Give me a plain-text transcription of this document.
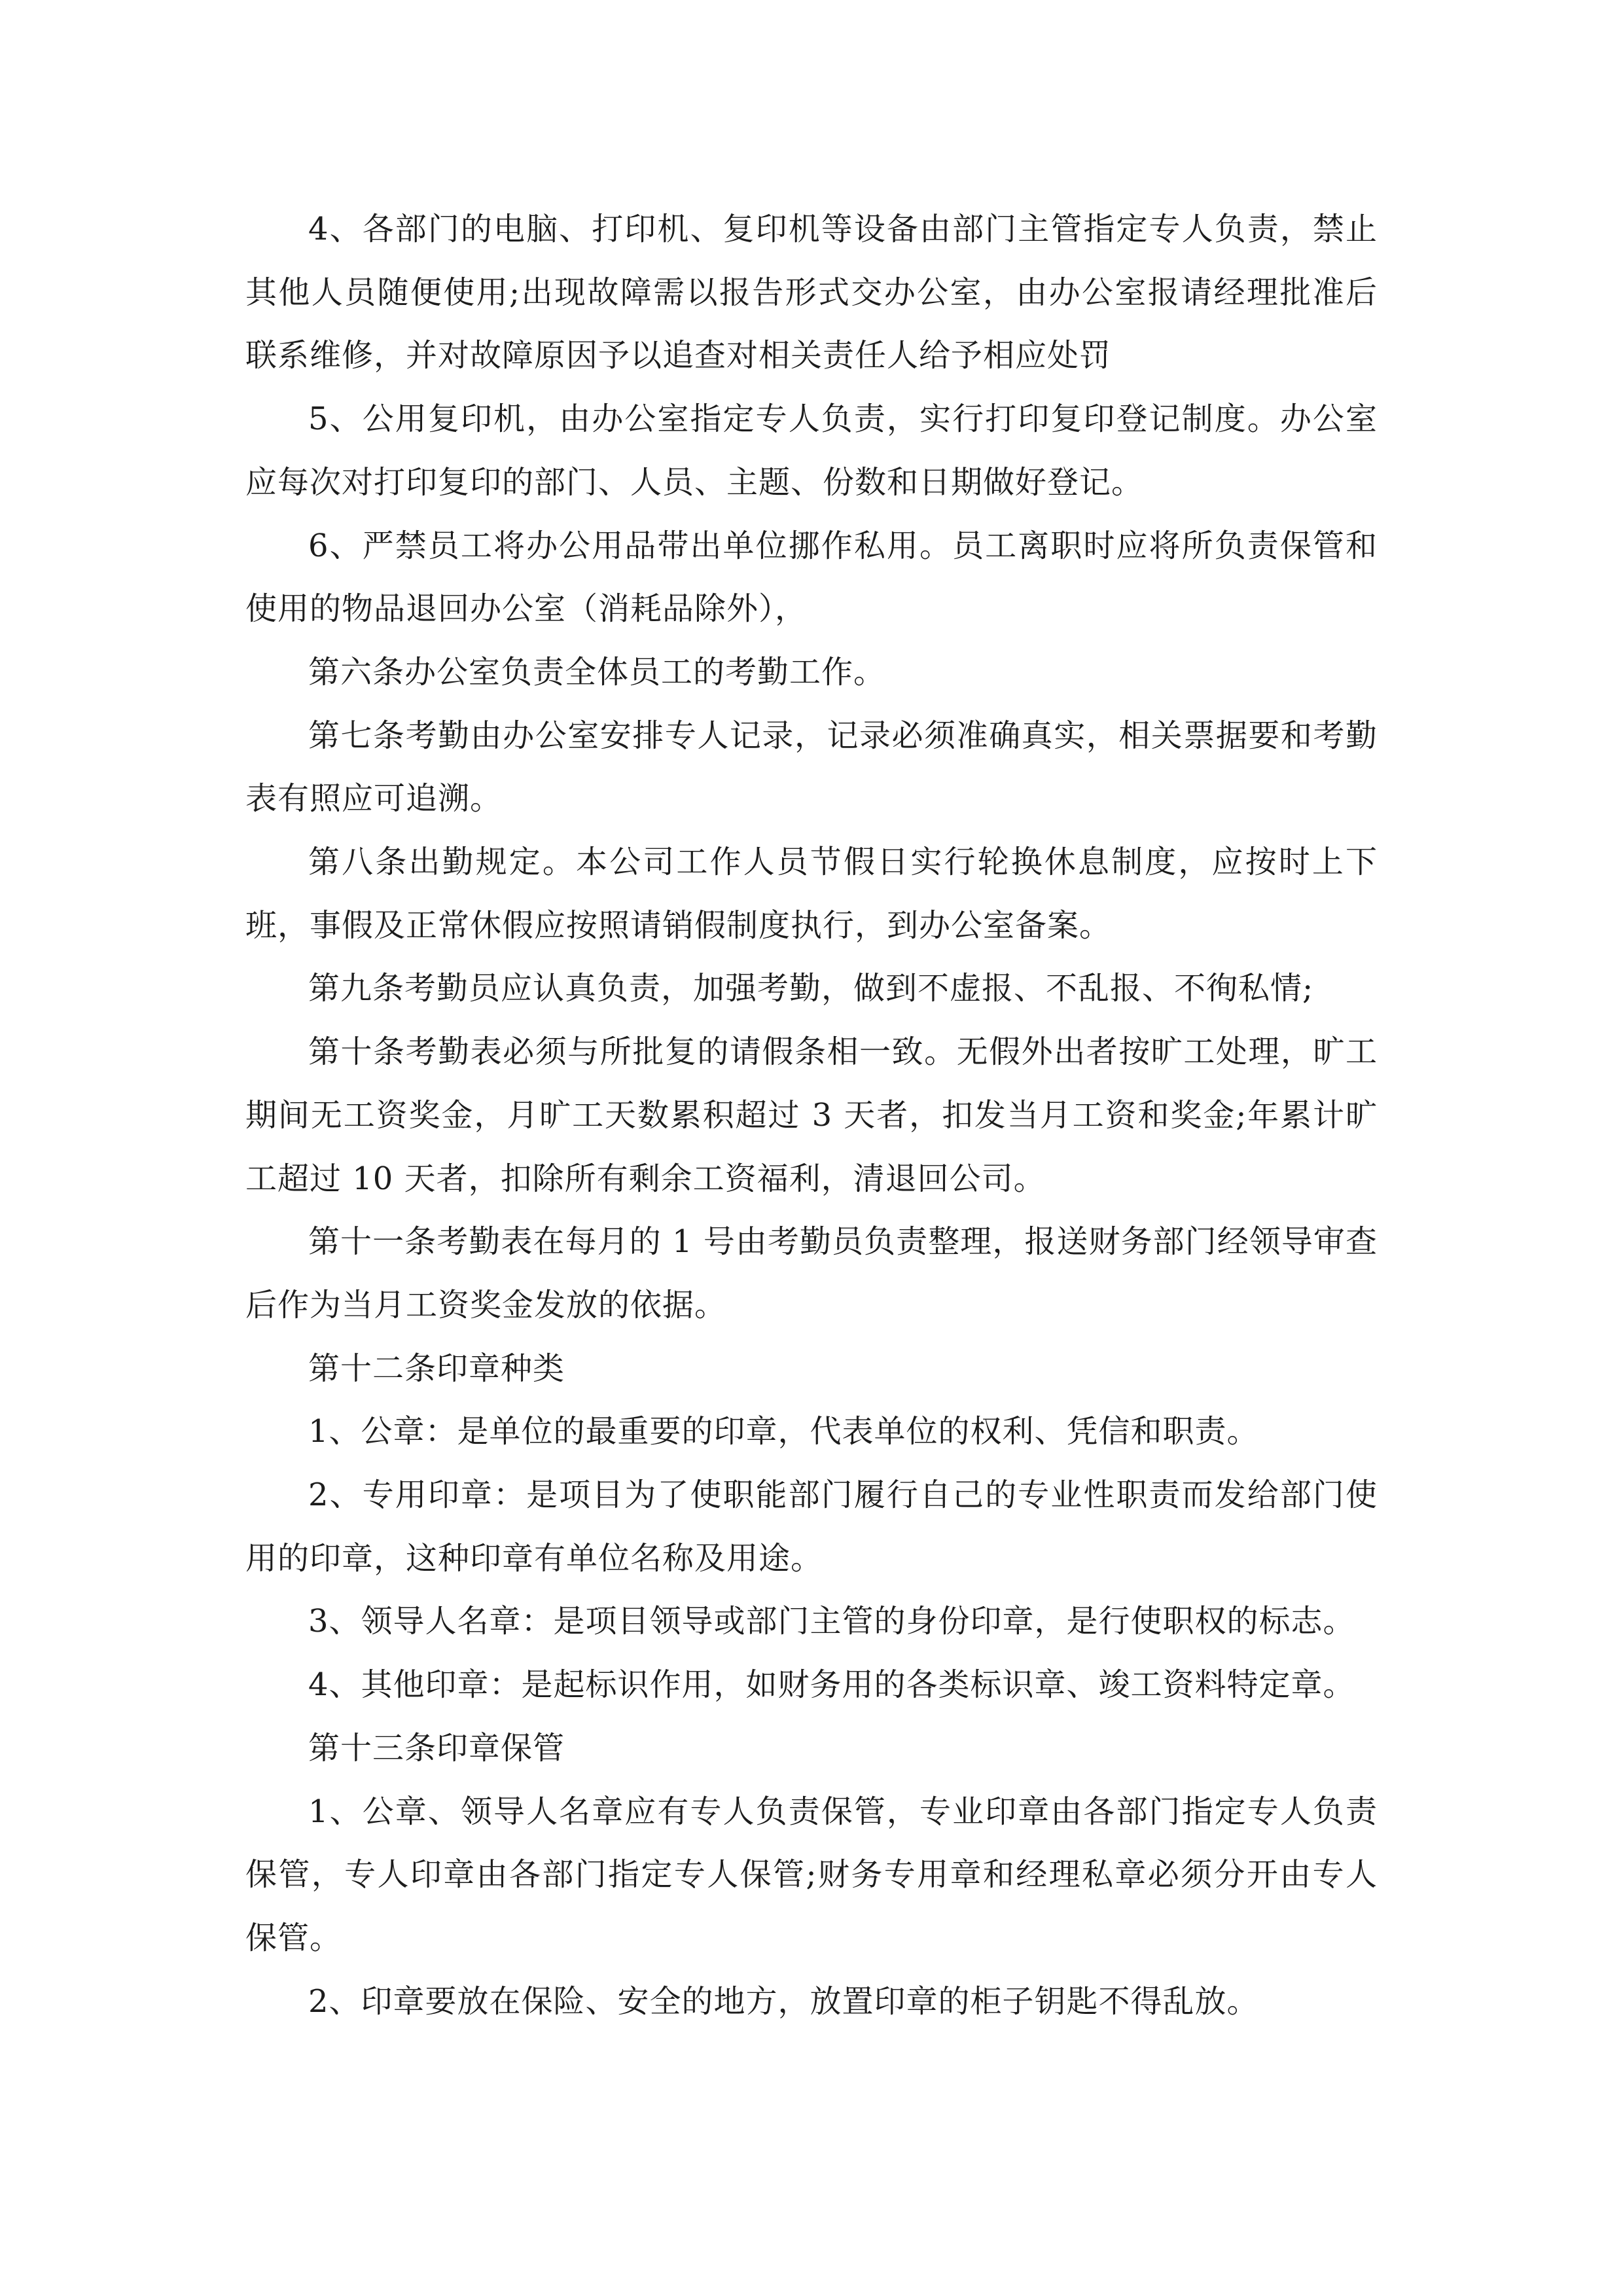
4、各部门的电脑、打印机、复印机等设备由部门主管指定专人负责，禁止其他人员随便使用;出现故障需以报告形式交办公室，由办公室报请经理批准后联系维修，并对故障原因予以追查对相关责任人给予相应处罚

5、公用复印机，由办公室指定专人负责，实行打印复印登记制度。办公室应每次对打印复印的部门、人员、主题、份数和日期做好登记。

6、严禁员工将办公用品带出单位挪作私用。员工离职时应将所负责保管和使用的物品退回办公室（消耗品除外），

第六条办公室负责全体员工的考勤工作。

第七条考勤由办公室安排专人记录，记录必须准确真实，相关票据要和考勤表有照应可追溯。

第八条出勤规定。本公司工作人员节假日实行轮换休息制度，应按时上下班，事假及正常休假应按照请销假制度执行，到办公室备案。

第九条考勤员应认真负责，加强考勤，做到不虚报、不乱报、不徇私情;

第十条考勤表必须与所批复的请假条相一致。无假外出者按旷工处理，旷工期间无工资奖金，月旷工天数累积超过 3 天者，扣发当月工资和奖金;年累计旷工超过 10 天者，扣除所有剩余工资福利，清退回公司。

第十一条考勤表在每月的 1 号由考勤员负责整理，报送财务部门经领导审查后作为当月工资奖金发放的依据。

第十二条印章种类

1、公章：是单位的最重要的印章，代表单位的权利、凭信和职责。

2、专用印章：是项目为了使职能部门履行自己的专业性职责而发给部门使用的印章，这种印章有单位名称及用途。

3、领导人名章：是项目领导或部门主管的身份印章，是行使职权的标志。

4、其他印章：是起标识作用，如财务用的各类标识章、竣工资料特定章。

第十三条印章保管

1、公章、领导人名章应有专人负责保管，专业印章由各部门指定专人负责保管，专人印章由各部门指定专人保管;财务专用章和经理私章必须分开由专人保管。

2、印章要放在保险、安全的地方，放置印章的柜子钥匙不得乱放。
